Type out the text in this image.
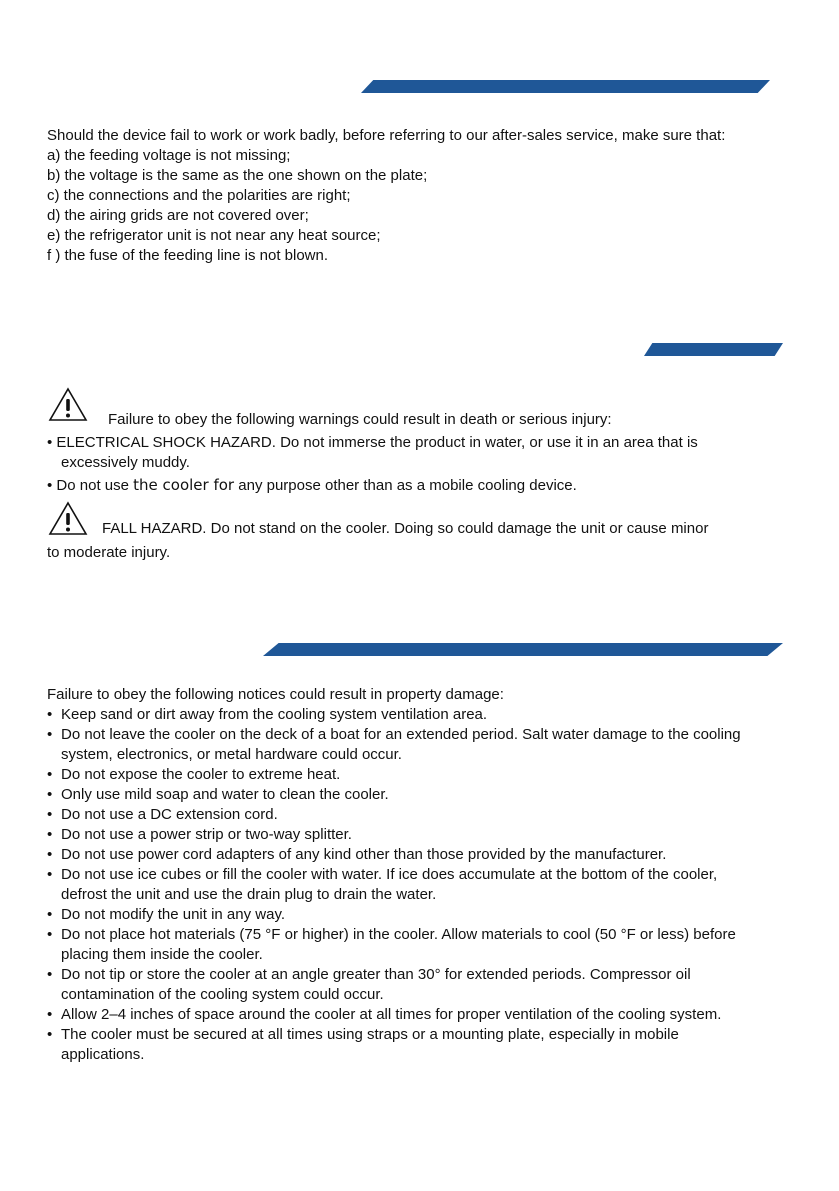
Should the device fail to work or work badly, before referring to our after-sales service, make sure that:
a) the feeding voltage is not missing;
b) the voltage is the same as the one shown on the plate;
c) the connections and the polarities are right;
d) the airing grids are not covered over;
e) the refrigerator unit is not near any heat source;
f ) the fuse of the feeding line is not blown.
Failure to obey the following warnings could result in death or serious injury:
• ELECTRICAL SHOCK HAZARD. Do not immerse the product in water, or use it in an area that is
excessively muddy.
• Do not use the cooler for any purpose other than as a mobile cooling device.
FALL HAZARD. Do not stand on the cooler. Doing so could damage the unit or cause minor
to moderate injury.
Failure to obey the following notices could result in property damage:
• Keep sand or dirt away from the cooling system ventilation area.
• Do not leave the cooler on the deck of a boat for an extended period. Salt water damage to the cooling
system, electronics, or metal hardware could occur.
• Do not expose the cooler to extreme heat.
• Only use mild soap and water to clean the cooler.
• Do not use a DC extension cord.
• Do not use a power strip or two-way splitter.
• Do not use power cord adapters of any kind other than those provided by the manufacturer.
• Do not use ice cubes or fill the cooler with water. If ice does accumulate at the bottom of the cooler,
defrost the unit and use the drain plug to drain the water.
• Do not modify the unit in any way.
• Do not place hot materials (75 °F or higher) in the cooler. Allow materials to cool (50 °F or less) before
placing them inside the cooler.
• Do not tip or store the cooler at an angle greater than 30° for extended periods. Compressor oil
contamination of the cooling system could occur.
• Allow 2–4 inches of space around the cooler at all times for proper ventilation of the cooling system.
• The cooler must be secured at all times using straps or a mounting plate, especially in mobile
applications.
